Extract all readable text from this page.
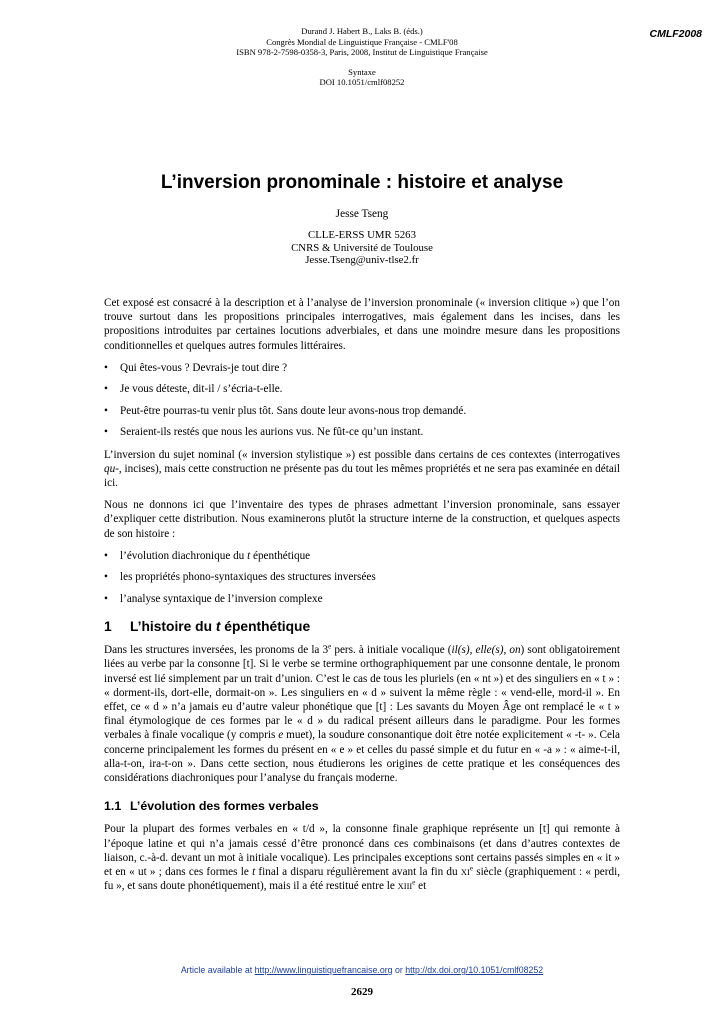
Durand J. Habert B., Laks B. (éds.)
Congrès Mondial de Linguistique Française - CMLF'08
ISBN 978-2-7598-0358-3, Paris, 2008, Institut de Linguistique Française
Syntaxe
DOI 10.1051/cmlf08252
CMLF2008
L’inversion pronominale : histoire et analyse
Jesse Tseng
CLLE-ERSS UMR 5263
CNRS & Université de Toulouse
Jesse.Tseng@univ-tlse2.fr

Cet exposé est consacré à la description et à l’analyse de l’inversion pronominale (« inversion clitique ») que l’on trouve surtout dans les propositions principales interrogatives, mais également dans les incises, dans les propositions introduites par certaines locutions adverbiales, et dans une moindre mesure dans les propositions conditionnelles et quelques autres formules littéraires.

• Qui êtes-vous ? Devrais-je tout dire ?
• Je vous déteste, dit-il / s’écria-t-elle.
• Peut-être pourras-tu venir plus tôt. Sans doute leur avons-nous trop demandé.
• Seraient-ils restés que nous les aurions vus. Ne fût-ce qu’un instant.

L’inversion du sujet nominal (« inversion stylistique ») est possible dans certains de ces contextes (interrogatives qu-, incises), mais cette construction ne présente pas du tout les mêmes propriétés et ne sera pas examinée en détail ici.

Nous ne donnons ici que l’inventaire des types de phrases admettant l’inversion pronominale, sans essayer d’expliquer cette distribution. Nous examinerons plutôt la structure interne de la construction, et quelques aspects de son histoire :

• l’évolution diachronique du t épenthétique
• les propriétés phono-syntaxiques des structures inversées
• l’analyse syntaxique de l’inversion complexe
1	L’histoire du t épenthétique

Dans les structures inversées, les pronoms de la 3e pers. à initiale vocalique (il(s), elle(s), on) sont obligatoirement liées au verbe par la consonne [t]. Si le verbe se termine orthographiquement par une consonne dentale, le pronom inversé est lié simplement par un trait d’union. C’est le cas de tous les pluriels (en « nt ») et des singuliers en « t » : « dorment-ils, dort-elle, dormait-on ». Les singuliers en « d » suivent la même règle : « vend-elle, mord-il ». En effet, ce « d » n’a jamais eu d’autre valeur phonétique que [t] : Les savants du Moyen Âge ont remplacé le « t » final étymologique de ces formes par le « d » du radical présent ailleurs dans le paradigme. Pour les formes verbales à finale vocalique (y compris e muet), la soudure consonantique doit être notée explicitement « -t- ». Cela concerne principalement les formes du présent en « e » et celles du passé simple et du futur en « -a » : « aime-t-il, alla-t-on, ira-t-on ». Dans cette section, nous étudierons les origines de cette pratique et les conséquences des considérations diachroniques pour l’analyse du français moderne.

1.1 L’évolution des formes verbales

Pour la plupart des formes verbales en « t/d », la consonne finale graphique représente un [t] qui remonte à l’époque latine et qui n’a jamais cessé d’être prononcé dans ces combinaisons (et dans d’autres contextes de liaison, c.-à-d. devant un mot à initiale vocalique). Les principales exceptions sont certains passés simples en « it » et en « ut » ; dans ces formes le t final a disparu régulièrement avant la fin du XIe siècle (graphiquement : « perdi, fu », et sans doute phonétiquement), mais il a été restitué entre le XIIIe et

Article available at http://www.linguistiquefrancaise.org or http://dx.doi.org/10.1051/cmlf08252
2629
